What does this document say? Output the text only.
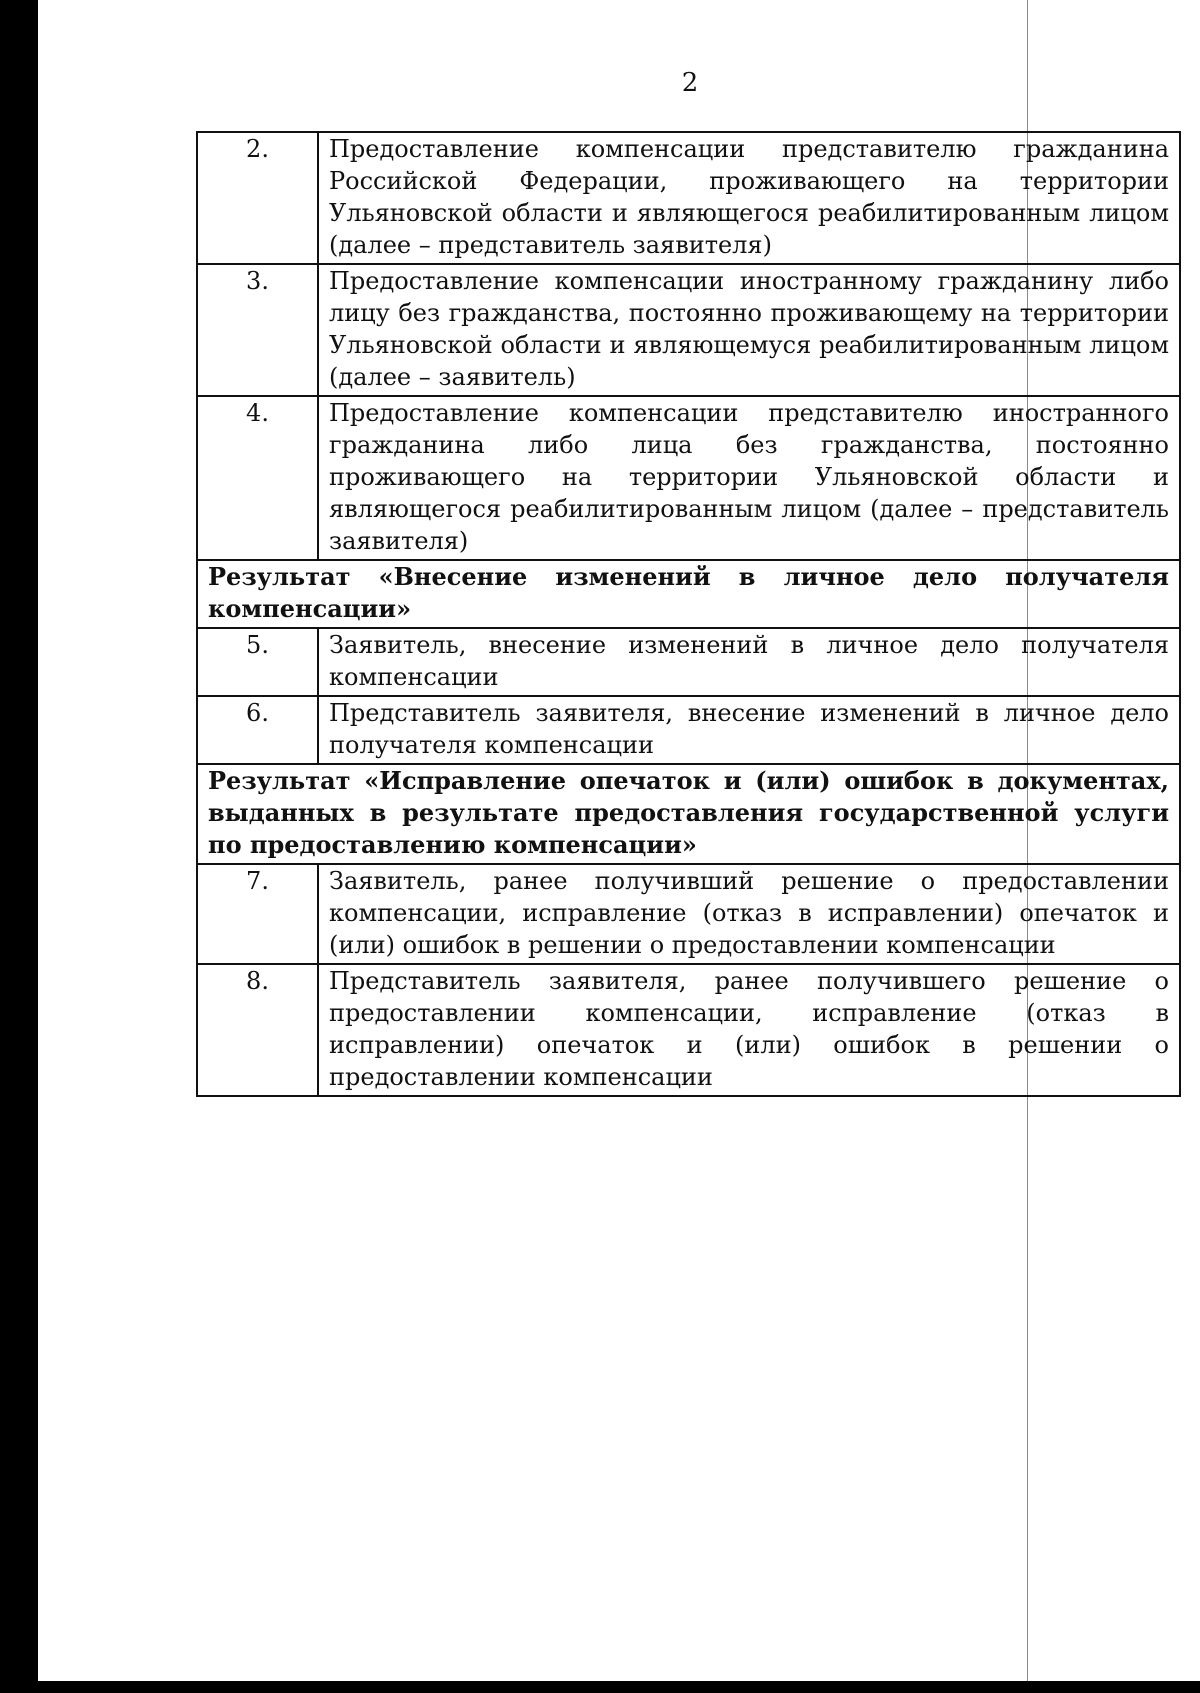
2
2.	Предоставление компенсации представителю гражданина Российской Федерации, проживающего на территории Ульяновской области и являющегося реабилитированным лицом (далее – представитель заявителя)
3.	Предоставление компенсации иностранному гражданину либо лицу без гражданства, постоянно проживающему на территории Ульяновской области и являющемуся реабилитированным лицом (далее – заявитель)
4.	Предоставление компенсации представителю иностранного гражданина либо лица без гражданства, постоянно проживающего на территории Ульяновской области и являющегося реабилитированным лицом (далее – представитель заявителя)
Результат «Внесение изменений в личное дело получателя компенсации»	
5.	Заявитель, внесение изменений в личное дело получателя компенсации
6.	Представитель заявителя, внесение изменений в личное дело получателя компенсации
Результат «Исправление опечаток и (или) ошибок в документах, выданных в результате предоставления государственной услуги по предоставлению компенсации»	
7.	Заявитель, ранее получивший решение о предоставлении компенсации, исправление (отказ в исправлении) опечаток и (или) ошибок в решении о предоставлении компенсации
8.	Представитель заявителя, ранее получившего решение о предоставлении компенсации, исправление (отказ в исправлении) опечаток и (или) ошибок в решении о предоставлении компенсации
